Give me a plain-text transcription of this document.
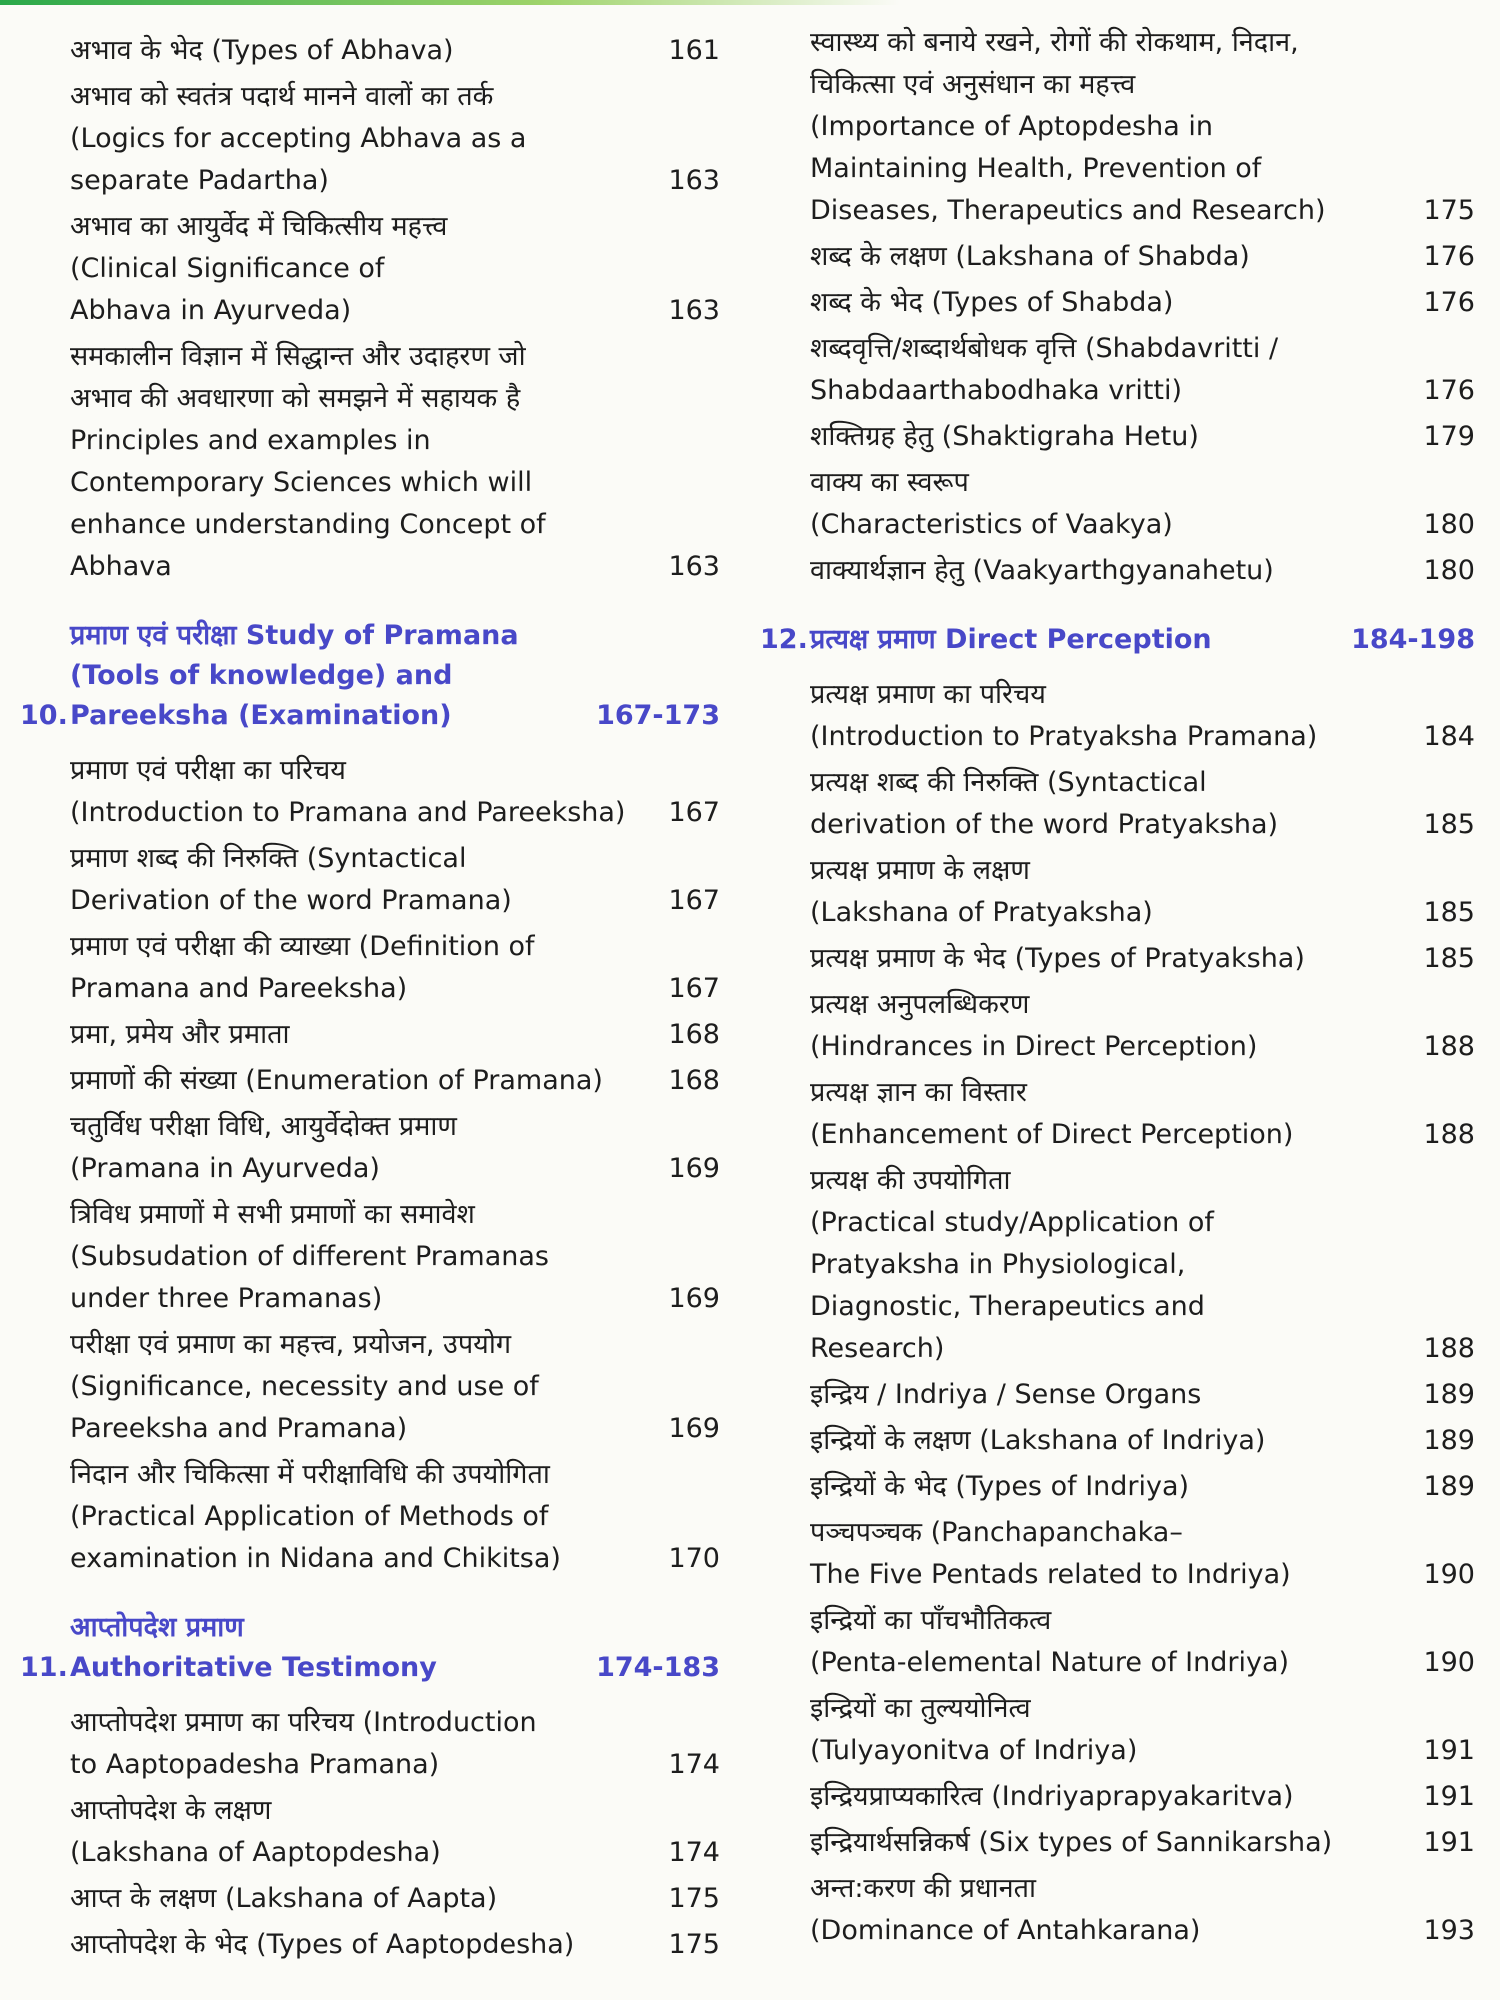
अभाव के भेद (Types of Abhava)	161
अभाव को स्वतंत्र पदार्थ मानने वालों का तर्क
(Logics for accepting Abhava as a
separate Padartha)	163
अभाव का आयुर्वेद में चिकित्सीय महत्त्व
(Clinical Significance of
Abhava in Ayurveda)	163
समकालीन विज्ञान में सिद्धान्त और उदाहरण जो
अभाव की अवधारणा को समझने में सहायक है
Principles and examples in
Contemporary Sciences which will
enhance understanding Concept of
Abhava	163
10.
प्रमाण एवं परीक्षा Study of Pramana
(Tools of knowledge) and
Pareeksha (Examination)	167-173
प्रमाण एवं परीक्षा का परिचय
(Introduction to Pramana and Pareeksha)	167
प्रमाण शब्द की निरुक्ति (Syntactical
Derivation of the word Pramana)	167
प्रमाण एवं परीक्षा की व्याख्या (Definition of
Pramana and Pareeksha)	167
प्रमा, प्रमेय और प्रमाता	168
प्रमाणों की संख्या (Enumeration of Pramana)	168
चतुर्विध परीक्षा विधि, आयुर्वेदोक्त प्रमाण
(Pramana in Ayurveda)	169
त्रिविध प्रमाणों मे सभी प्रमाणों का समावेश
(Subsudation of different Pramanas
under three Pramanas)	169
परीक्षा एवं प्रमाण का महत्त्व, प्रयोजन, उपयोग
(Significance, necessity and use of
Pareeksha and Pramana)	169
निदान और चिकित्सा में परीक्षाविधि की उपयोगिता
(Practical Application of Methods of
examination in Nidana and Chikitsa)	170
11.
आप्तोपदेश प्रमाण
Authoritative Testimony	174-183
आप्तोपदेश प्रमाण का परिचय (Introduction
to Aaptopadesha Pramana)	174
आप्तोपदेश के लक्षण
(Lakshana of Aaptopdesha)	174
आप्त के लक्षण (Lakshana of Aapta)	175
आप्तोपदेश के भेद (Types of Aaptopdesha)	175
स्वास्थ्य को बनाये रखने, रोगों की रोकथाम, निदान,
चिकित्सा एवं अनुसंधान का महत्त्व
(Importance of Aptopdesha in
Maintaining Health, Prevention of
Diseases, Therapeutics and Research)	175
शब्द के लक्षण (Lakshana of Shabda)	176
शब्द के भेद (Types of Shabda)	176
शब्दवृत्ति/शब्दार्थबोधक वृत्ति (Shabdavritti /
Shabdaarthabodhaka vritti)	176
शक्तिग्रह हेतु (Shaktigraha Hetu)	179
वाक्य का स्वरूप
(Characteristics of Vaakya)	180
वाक्यार्थज्ञान हेतु (Vaakyarthgyanahetu)	180
12. प्रत्यक्ष प्रमाण Direct Perception	184-198
प्रत्यक्ष प्रमाण का परिचय
(Introduction to Pratyaksha Pramana)	184
प्रत्यक्ष शब्द की निरुक्ति (Syntactical
derivation of the word Pratyaksha)	185
प्रत्यक्ष प्रमाण के लक्षण
(Lakshana of Pratyaksha)	185
प्रत्यक्ष प्रमाण के भेद (Types of Pratyaksha)	185
प्रत्यक्ष अनुपलब्धिकरण
(Hindrances in Direct Perception)	188
प्रत्यक्ष ज्ञान का विस्तार
(Enhancement of Direct Perception)	188
प्रत्यक्ष की उपयोगिता
(Practical study/Application of
Pratyaksha in Physiological,
Diagnostic, Therapeutics and
Research)	188
इन्द्रिय / Indriya / Sense Organs	189
इन्द्रियों के लक्षण (Lakshana of Indriya)	189
इन्द्रियों के भेद (Types of Indriya)	189
पञ्चपञ्चक (Panchapanchaka–
The Five Pentads related to Indriya)	190
इन्द्रियों का पाँचभौतिकत्व
(Penta-elemental Nature of Indriya)	190
इन्द्रियों का तुल्ययोनित्व
(Tulyayonitva of Indriya)	191
इन्द्रियप्राप्यकारित्व (Indriyaprapyakaritva)	191
इन्द्रियार्थसन्निकर्ष (Six types of Sannikarsha)	191
अन्त:करण की प्रधानता
(Dominance of Antahkarana)	193
